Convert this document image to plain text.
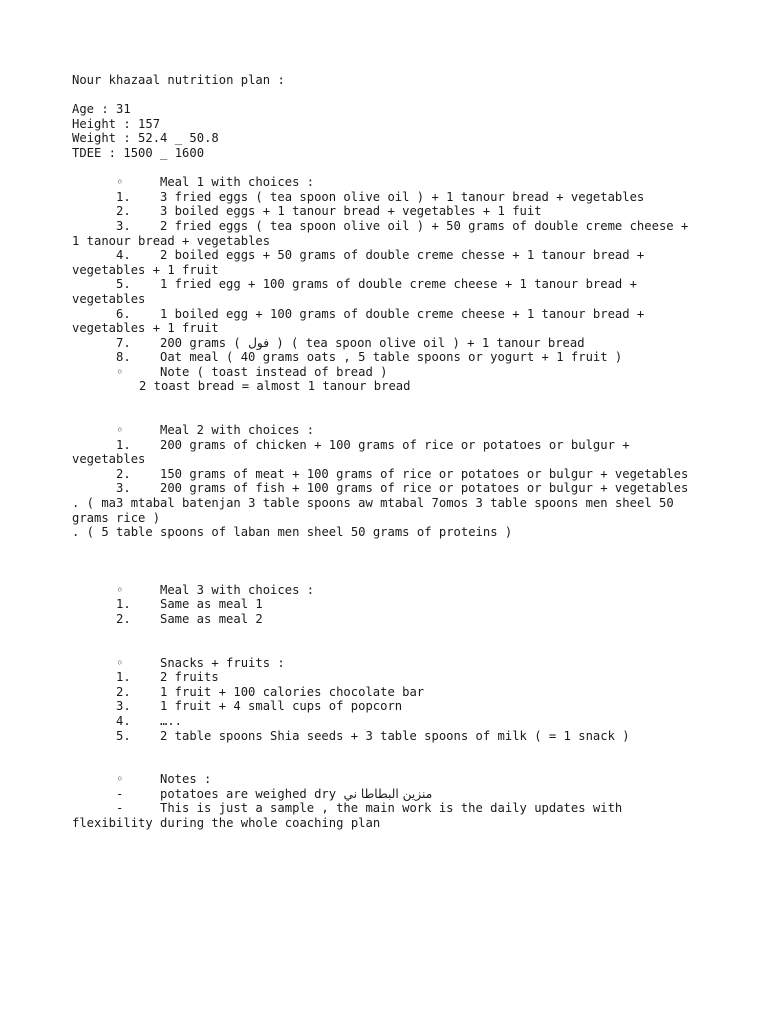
Nour khazaal nutrition plan :
Age : 31
Height : 157
Weight : 52.4 _ 50.8
TDEE : 1500 _ 1600
◦	Meal 1 with choices :
1. 3 fried eggs ( tea spoon olive oil ) + 1 tanour bread + vegetables
2. 3 boiled eggs + 1 tanour bread + vegetables + 1 fuit
3. 2 fried eggs ( tea spoon olive oil ) + 50 grams of double creme cheese + 1 tanour bread + vegetables
4. 2 boiled eggs + 50 grams of double creme chesse + 1 tanour bread + vegetables + 1 fruit
5. 1 fried egg + 100 grams of double creme cheese + 1 tanour bread + vegetables
6. 1 boiled egg + 100 grams of double creme cheese + 1 tanour bread + vegetables + 1 fruit
7. 200 grams ( فول ) ( tea spoon olive oil ) + 1 tanour bread
8. Oat meal ( 40 grams oats , 5 table spoons or yogurt + 1 fruit )
◦	Note ( toast instead of bread )
2 toast bread = almost 1 tanour bread
◦	Meal 2 with choices :
1. 200 grams of chicken + 100 grams of rice or potatoes or bulgur + vegetables
2. 150 grams of meat + 100 grams of rice or potatoes or bulgur + vegetables
3. 200 grams of fish + 100 grams of rice or potatoes or bulgur + vegetables
. ( ma3 mtabal batenjan 3 table spoons aw mtabal 7omos 3 table spoons men sheel 50 grams rice )
. ( 5 table spoons of laban men sheel 50 grams of proteins )
◦	Meal 3 with choices :
1. Same as meal 1
2. Same as meal 2
◦	Snacks + fruits :
1. 2 fruits
2. 1 fruit + 100 calories chocolate bar
3. 1 fruit + 4 small cups of popcorn
4. …..
5. 2 table spoons Shia seeds + 3 table spoons of milk ( = 1 snack )
◦	Notes :
-	potatoes are weighed dry منزين البطاطا ني
-	This is just a sample , the main work is the daily updates with flexibility during the whole coaching plan
